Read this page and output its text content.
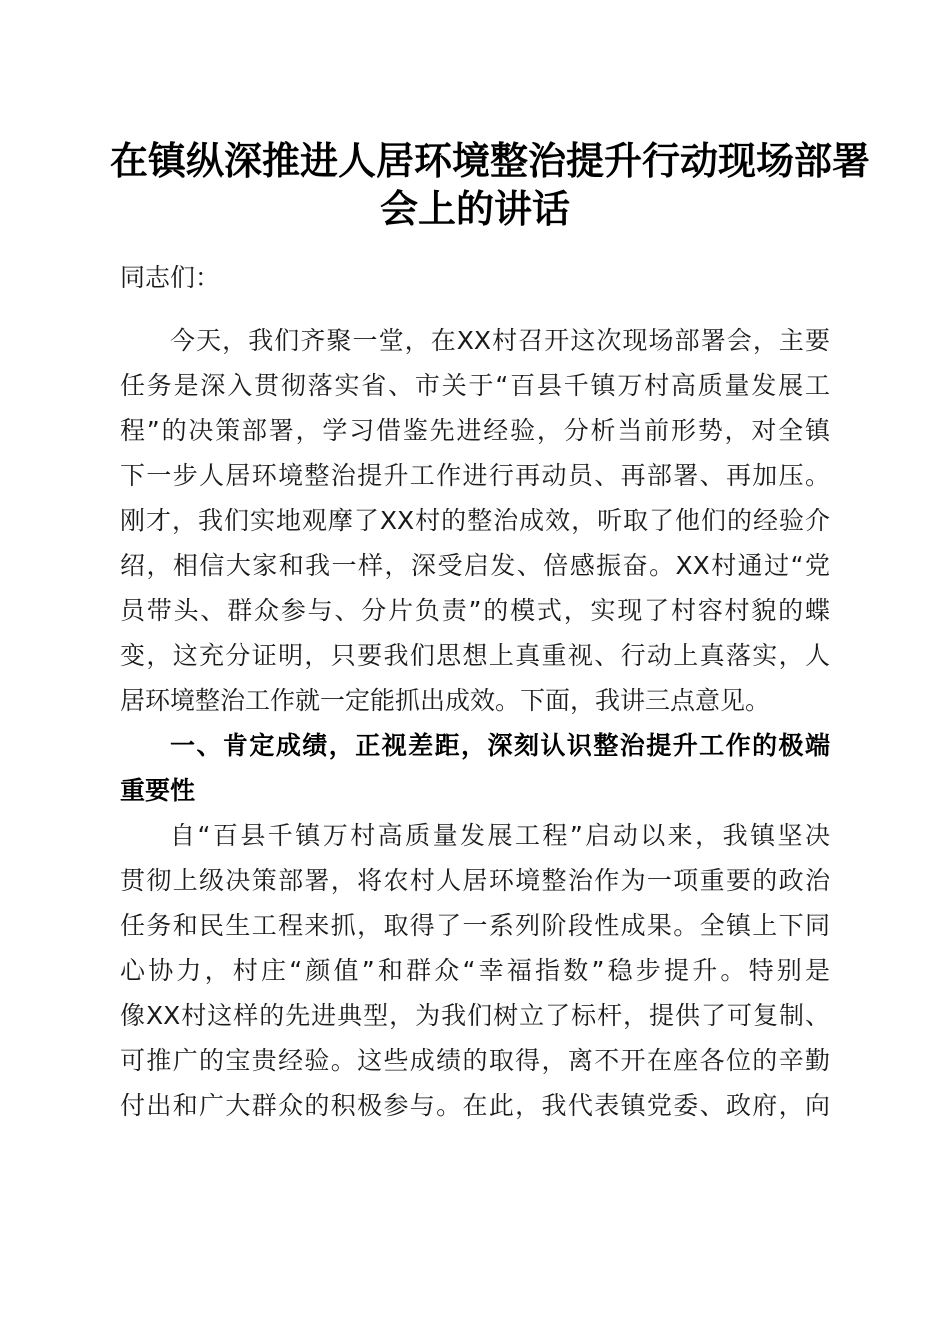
在镇纵深推进人居环境整治提升行动现场部署
会上的讲话
同志们：
今天，我们齐聚一堂，在XX村召开这次现场部署会，主要
任务是深入贯彻落实省、市关于“百县千镇万村高质量发展工
程”的决策部署，学习借鉴先进经验，分析当前形势，对全镇
下一步人居环境整治提升工作进行再动员、再部署、再加压。
刚才，我们实地观摩了XX村的整治成效，听取了他们的经验介
绍，相信大家和我一样，深受启发、倍感振奋。XX村通过“党
员带头、群众参与、分片负责”的模式，实现了村容村貌的蝶
变，这充分证明，只要我们思想上真重视、行动上真落实，人
居环境整治工作就一定能抓出成效。下面，我讲三点意见。
一、肯定成绩，正视差距，深刻认识整治提升工作的极端
重要性
自“百县千镇万村高质量发展工程”启动以来，我镇坚决
贯彻上级决策部署，将农村人居环境整治作为一项重要的政治
任务和民生工程来抓，取得了一系列阶段性成果。全镇上下同
心协力，村庄“颜值”和群众“幸福指数”稳步提升。特别是
像XX村这样的先进典型，为我们树立了标杆，提供了可复制、
可推广的宝贵经验。这些成绩的取得，离不开在座各位的辛勤
付出和广大群众的积极参与。在此，我代表镇党委、政府，向
